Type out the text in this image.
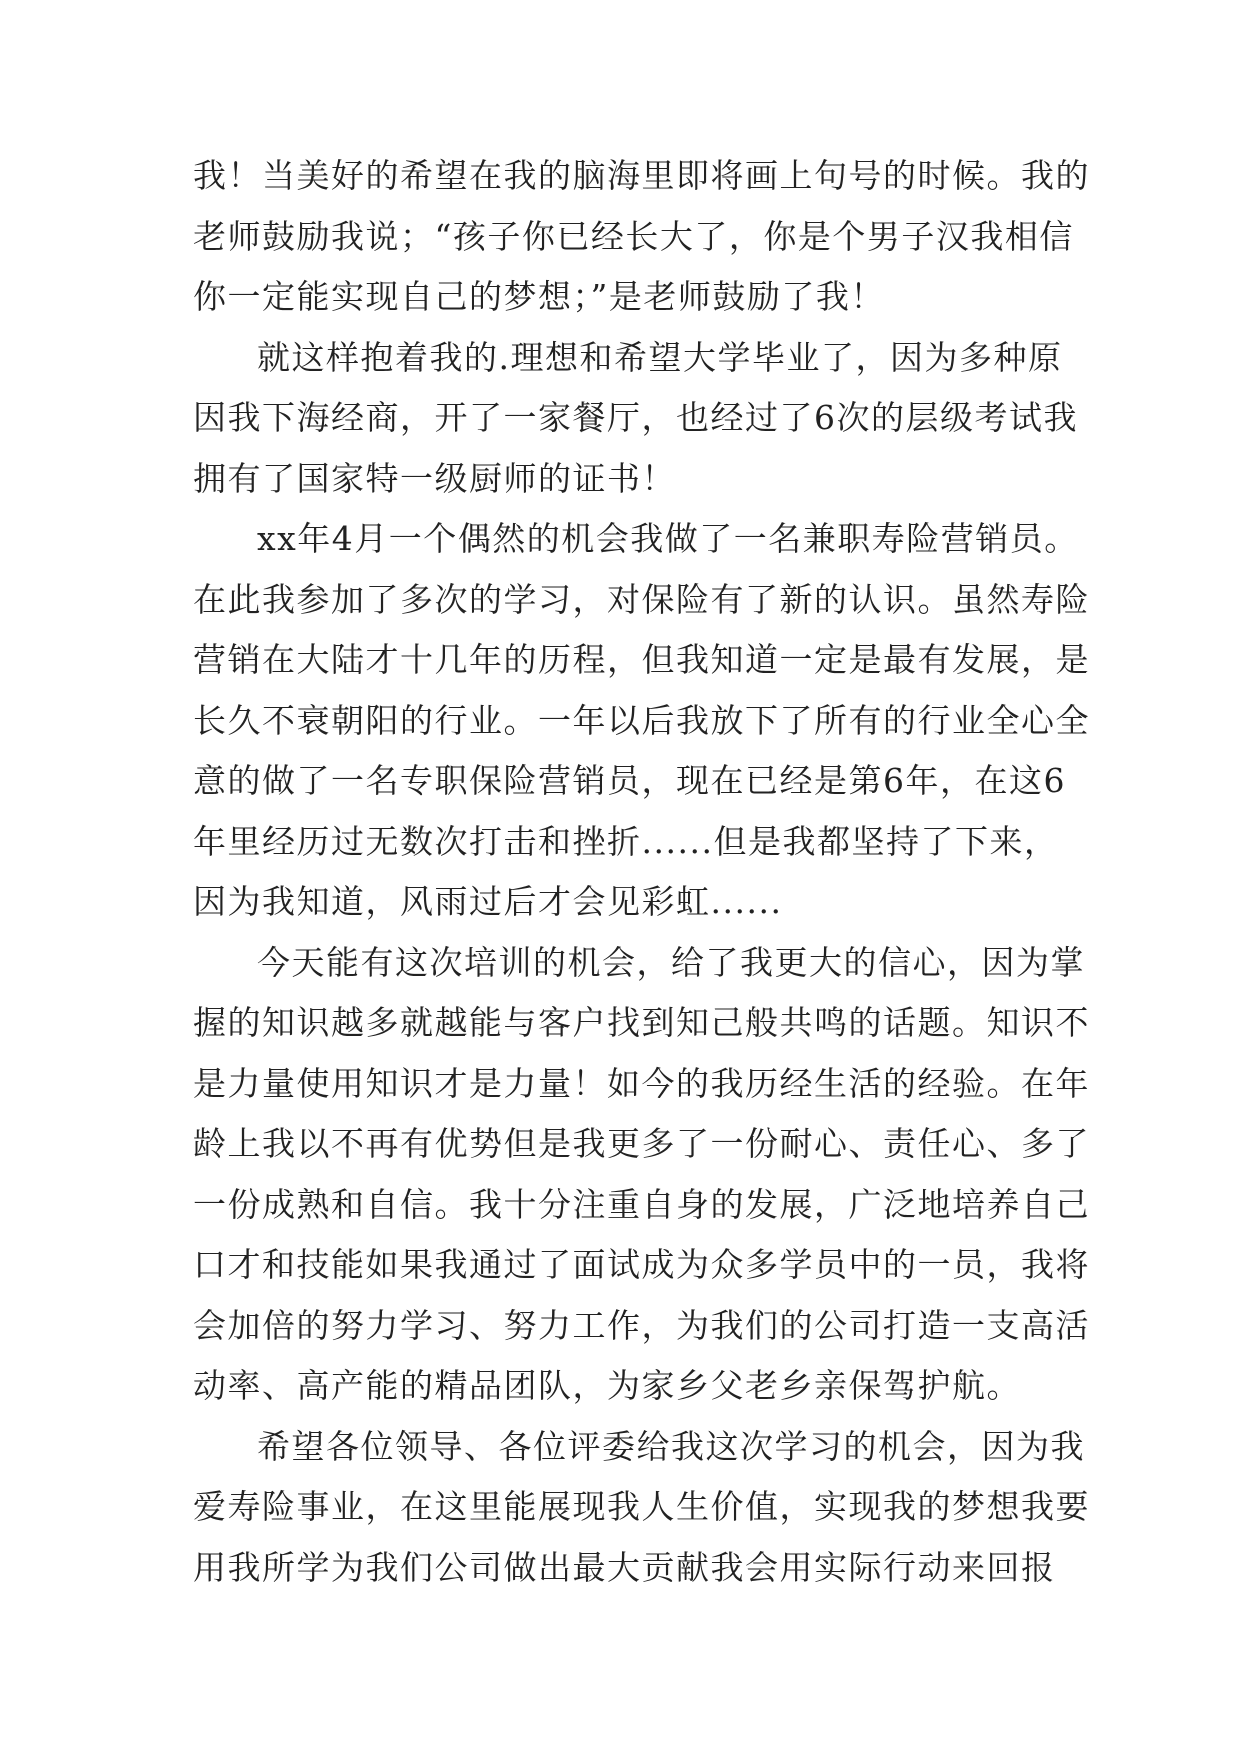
我！当美好的希望在我的脑海里即将画上句号的时候。我的
老师鼓励我说；“孩子你已经长大了，你是个男子汉我相信
你一定能实现自己的梦想；”是老师鼓励了我！
就这样抱着我的.理想和希望大学毕业了，因为多种原
因我下海经商，开了一家餐厅，也经过了6次的层级考试我
拥有了国家特一级厨师的证书！
xx年4月一个偶然的机会我做了一名兼职寿险营销员。
在此我参加了多次的学习，对保险有了新的认识。虽然寿险
营销在大陆才十几年的历程，但我知道一定是最有发展，是
长久不衰朝阳的行业。一年以后我放下了所有的行业全心全
意的做了一名专职保险营销员，现在已经是第6年，在这6
年里经历过无数次打击和挫折......但是我都坚持了下来，
因为我知道，风雨过后才会见彩虹......
今天能有这次培训的机会，给了我更大的信心，因为掌
握的知识越多就越能与客户找到知己般共鸣的话题。知识不
是力量使用知识才是力量！如今的我历经生活的经验。在年
龄上我以不再有优势但是我更多了一份耐心、责任心、多了
一份成熟和自信。我十分注重自身的发展，广泛地培养自己
口才和技能如果我通过了面试成为众多学员中的一员，我将
会加倍的努力学习、努力工作，为我们的公司打造一支高活
动率、高产能的精品团队，为家乡父老乡亲保驾护航。
希望各位领导、各位评委给我这次学习的机会，因为我
爱寿险事业，在这里能展现我人生价值，实现我的梦想我要
用我所学为我们公司做出最大贡献我会用实际行动来回报
